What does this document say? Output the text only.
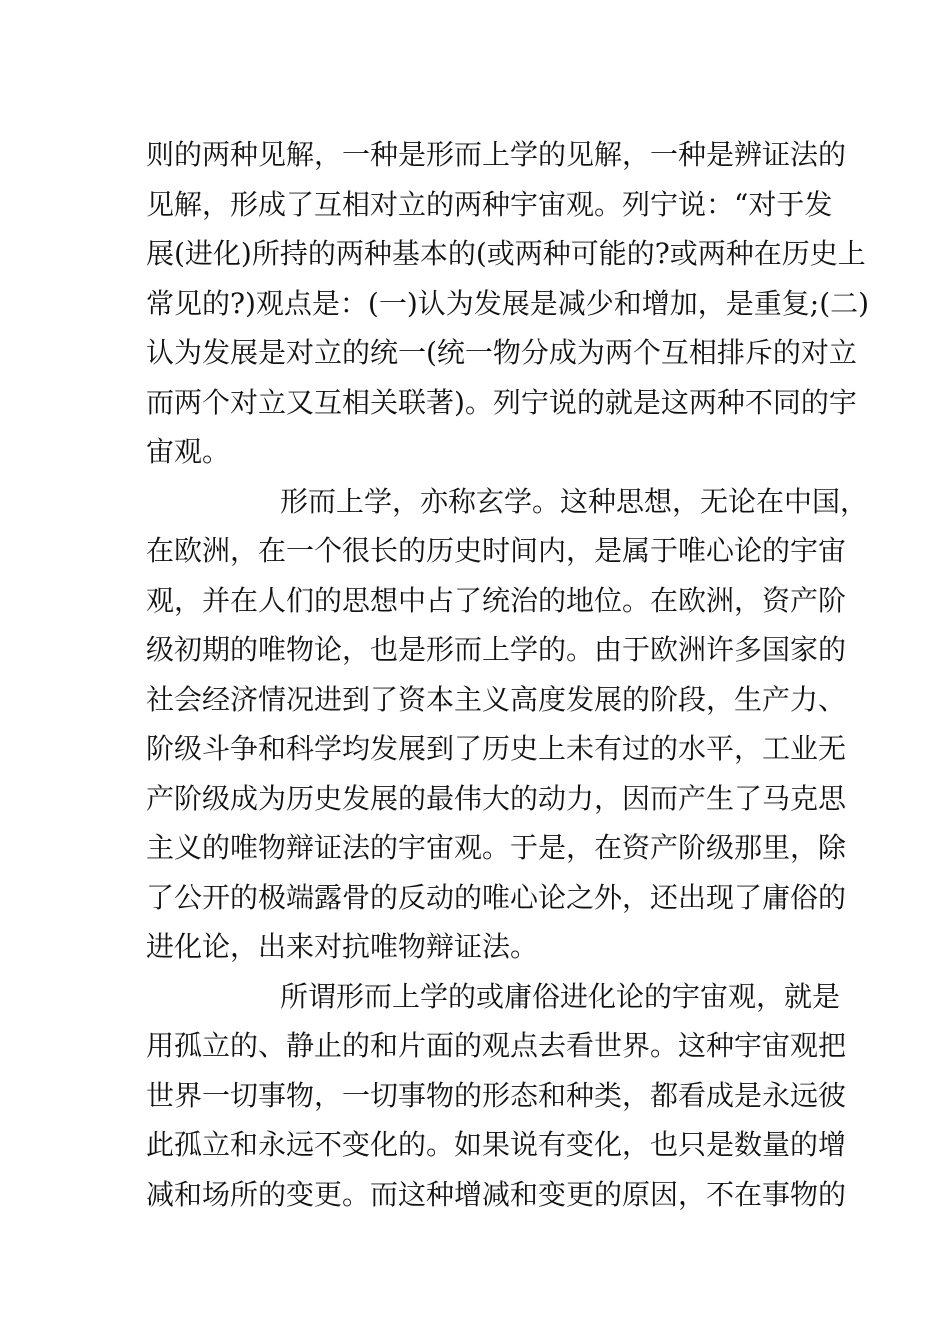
则的两种见解，一种是形而上学的见解，一种是辨证法的
见解，形成了互相对立的两种宇宙观。列宁说：“对于发
展(进化)所持的两种基本的(或两种可能的?或两种在历史上
常见的?)观点是：(一)认为发展是减少和增加，是重复;(二)
认为发展是对立的统一(统一物分成为两个互相排斥的对立
而两个对立又互相关联著)。列宁说的就是这两种不同的宇
宙观。
形而上学，亦称玄学。这种思想，无论在中国，
在欧洲，在一个很长的历史时间内，是属于唯心论的宇宙
观，并在人们的思想中占了统治的地位。在欧洲，资产阶
级初期的唯物论，也是形而上学的。由于欧洲许多国家的
社会经济情况进到了资本主义高度发展的阶段，生产力、
阶级斗争和科学均发展到了历史上未有过的水平，工业无
产阶级成为历史发展的最伟大的动力，因而产生了马克思
主义的唯物辩证法的宇宙观。于是，在资产阶级那里，除
了公开的极端露骨的反动的唯心论之外，还出现了庸俗的
进化论，出来对抗唯物辩证法。
所谓形而上学的或庸俗进化论的宇宙观，就是
用孤立的、静止的和片面的观点去看世界。这种宇宙观把
世界一切事物，一切事物的形态和种类，都看成是永远彼
此孤立和永远不变化的。如果说有变化，也只是数量的增
减和场所的变更。而这种增减和变更的原因，不在事物的
